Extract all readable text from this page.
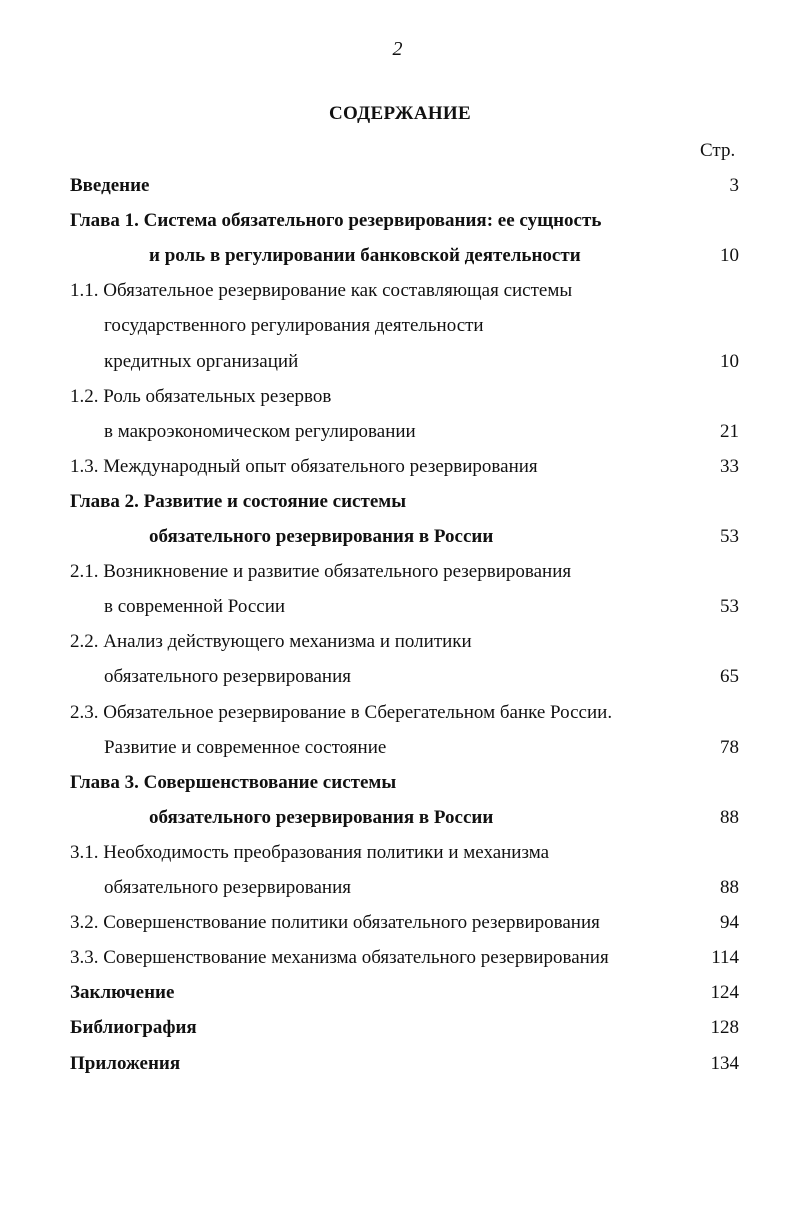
2
СОДЕРЖАНИЕ
Стр.
Введение	3
Глава 1. Система обязательного резервирования: ее сущность
и роль в регулировании банковской деятельности	10
1.1. Обязательное резервирование как составляющая системы
государственного регулирования деятельности
кредитных организаций	10
1.2. Роль обязательных резервов
в макроэкономическом регулировании	21
1.3. Международный опыт обязательного резервирования	33
Глава 2. Развитие и состояние системы
обязательного резервирования в России	53
2.1. Возникновение и развитие обязательного резервирования
в современной России	53
2.2. Анализ действующего механизма и политики
обязательного резервирования	65
2.3. Обязательное резервирование в Сберегательном банке России.
Развитие и современное состояние	78
Глава 3. Совершенствование системы
обязательного резервирования в России	88
3.1. Необходимость преобразования политики и механизма
обязательного резервирования	88
3.2. Совершенствование политики обязательного резервирования	94
3.3. Совершенствование механизма обязательного резервирования	114
Заключение	124
Библиография	128
Приложения	134
